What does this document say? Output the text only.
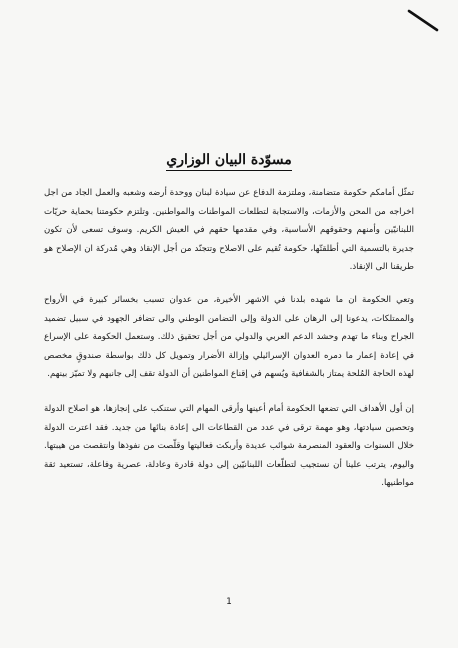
مسوّدة البيان الوزاري

تمثّل أمامكم حكومة متضامنة، وملتزمة الدفاع عن سيادة لبنان ووحدة أرضه وشعبه والعمل الجاد من اجل اخراجه من المحن والأزمات، والاستجابة لتطلعات المواطنات والمواطنين. وتلتزم حكومتنا بحماية حريّات اللبنانيّين وأمنهم وحقوقهم الأساسية، وفي مقدمها حقهم في العيش الكريم. وسوف تسعى لأن تكون جديرة بالتسمية التي أطلقتّها، حكومة تُقيم على الاصلاح وتتجنّد من أجل الإنقاذ وهي مُدركة ان الإصلاح هو طريقنا الى الإنقاذ.

وتعي الحكومة ان ما شهده بلدنا في الاشهر الأخيرة، من عدوان تسبب بخسائر كبيرة في الأرواح والممتلكات، يدعونا إلى الرهان على الدولة وإلى التضامن الوطني والى تضافر الجهود في سبيل تضميد الجراح وبناء ما تهدم وحشد الدعم العربي والدولي من أجل تحقيق ذلك. وستعمل الحكومة على الإسراع في إعادة إعمار ما دمره العدوان الإسرائيلي وإزالة الأضرار وتمويل كل ذلك بواسطة صندوقٍ مخصص لهذه الحاجة المُلحة يمتاز بالشفافية ويُسهم في إقناع المواطنين أن الدولة تقف إلى جانبهم ولا تميّز بينهم.

إن أول الأهداف التي تضعها الحكومة أمام أعينها وأرقى المهام التي ستنكب على إنجازها، هو اصلاح الدولة وتحصين سيادتها، وهو مهمة ترقى في عدد من القطاعات الى إعادة بنائها من جديد. فقد اعترت الدولة خلال السنوات والعقود المنصرمة شوائب عديدة وأربكت فعاليتها وقلّصت من نفوذها وانتقصت من هيبتها. واليوم، يترتب علينا أن نستجيب لتطلّعات اللبنانيّين إلى دولة قادرة وعادلة، عصرية وفاعلة، تستعيد ثقة مواطنيها.

1
